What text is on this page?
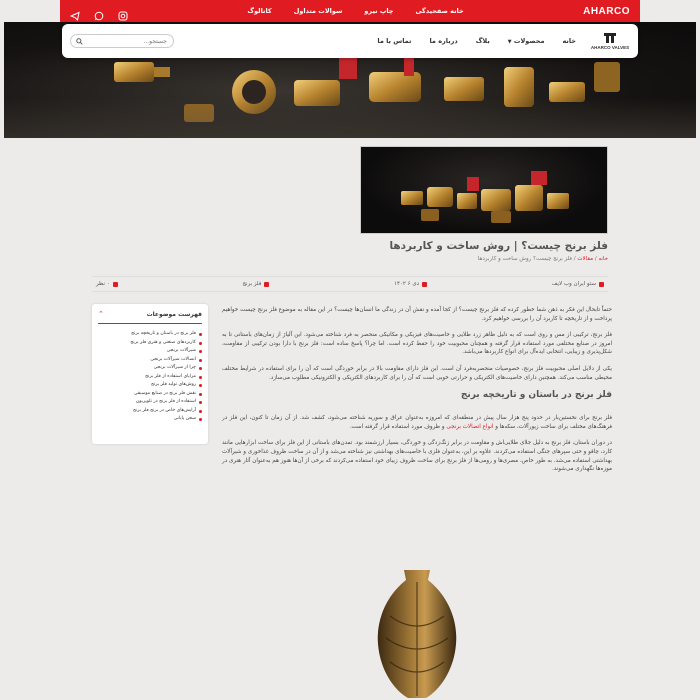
خانه صفحیدگی
چاپ نیرو
سوالات متداول
کاتالوگ	AHARCO
جستجو...
خانه
محصولات ▼
بلاگ
درباره ما
تماس با ما
AHARCO VALVES
فلز برنج چیست؟ | روش ساخت و کاربردها
خانه / مقالات / فلز برنج چیست؟ روش ساخت و کاربردها
ستو ایران وب لایف
دی ۶ ۱۴۰۲
فلز برنج
۰ نظر
فهرست موضوعات
⌃
فلز برنج در باستان و تاریخچه برنج
کاربردهای صنعتی و هنری فلز برنج
شیرآلات برنجی
اتصالات شیرآلات برنجی
چرا از شیرآلات برنجی
مزایای استفاده از فلز برنج
روش‌های تولید فلز برنج
نقش فلز برنج در صنایع موسیقی
استفاده از فلز برنج در تلویزیون
آرایش‌های خاص در برنج فلز برنج
سخن پایانی

حتماً تابحال این فکر به ذهن شما خطور کرده که فلز برنج چیست؟ از کجا آمده و نقش آن در زندگی ما انسان‌ها چیست؟ در این مقاله به موضوع فلز برنج چیست خواهیم پرداخت و از تاریخچه تا کاربرد آن را بررسی خواهیم کرد.

فلز برنج، ترکیبی از مس و روی است که به دلیل ظاهر زرد طلایی و خاصیت‌های فیزیکی و مکانیکی منحصر به فرد شناخته می‌شود. این آلیاژ از زمان‌های باستانی تا به امروز در صنایع مختلفی مورد استفاده قرار گرفته و همچنان محبوبیت خود را حفظ کرده است. اما چرا؟ پاسخ ساده است: فلز برنج با دارا بودن ترکیبی از مقاومت، شکل‌پذیری و زیبایی، انتخابی ایده‌آل برای انواع کاربردها می‌باشد.

یکی از دلایل اصلی محبوبیت فلز برنج، خصوصیات منحصربه‌فرد آن است. این فلز دارای مقاومت بالا در برابر خوردگی است که آن را برای استفاده در شرایط مختلف محیطی مناسب می‌کند. همچنین دارای خاصیت‌های الکتریکی و حرارتی خوبی است که آن را برای کاربردهای الکتریکی و الکترونیکی مطلوب می‌سازد.

فلز برنج در باستان و تاریخچه برنج

فلز برنج برای نخستین‌بار در حدود پنج هزار سال پیش در منطقه‌ای که امروزه به‌عنوان عراق و سوریه شناخته می‌شود، کشف شد. از آن زمان تا کنون، این فلز در فرهنگ‌های مختلف برای ساخت زیورآلات، سکه‌ها و انواع اتصالات برنجی و ظروف مورد استفاده قرار گرفته است.

در دوران باستان، فلز برنج به دلیل جلای طلایی‌اش و مقاومت در برابر زنگ‌زدگی و خوردگی، بسیار ارزشمند بود. تمدن‌های باستانی از این فلز برای ساخت ابزارهایی مانند کارد، چاقو و حتی سپرهای جنگی استفاده می‌کردند. علاوه بر این، به‌عنوان فلزی با خاصیت‌های بهداشتی نیز شناخته می‌شد و از آن در ساخت ظروف غذاخوری و شیرآلات بهداشتی استفاده می‌شد. به طور خاص، مصری‌ها و رومی‌ها از فلز برنج برای ساخت ظروف زیبای خود استفاده می‌کردند که برخی از آن‌ها هنوز هم به‌عنوان آثار هنری در موزه‌ها نگهداری می‌شوند.
